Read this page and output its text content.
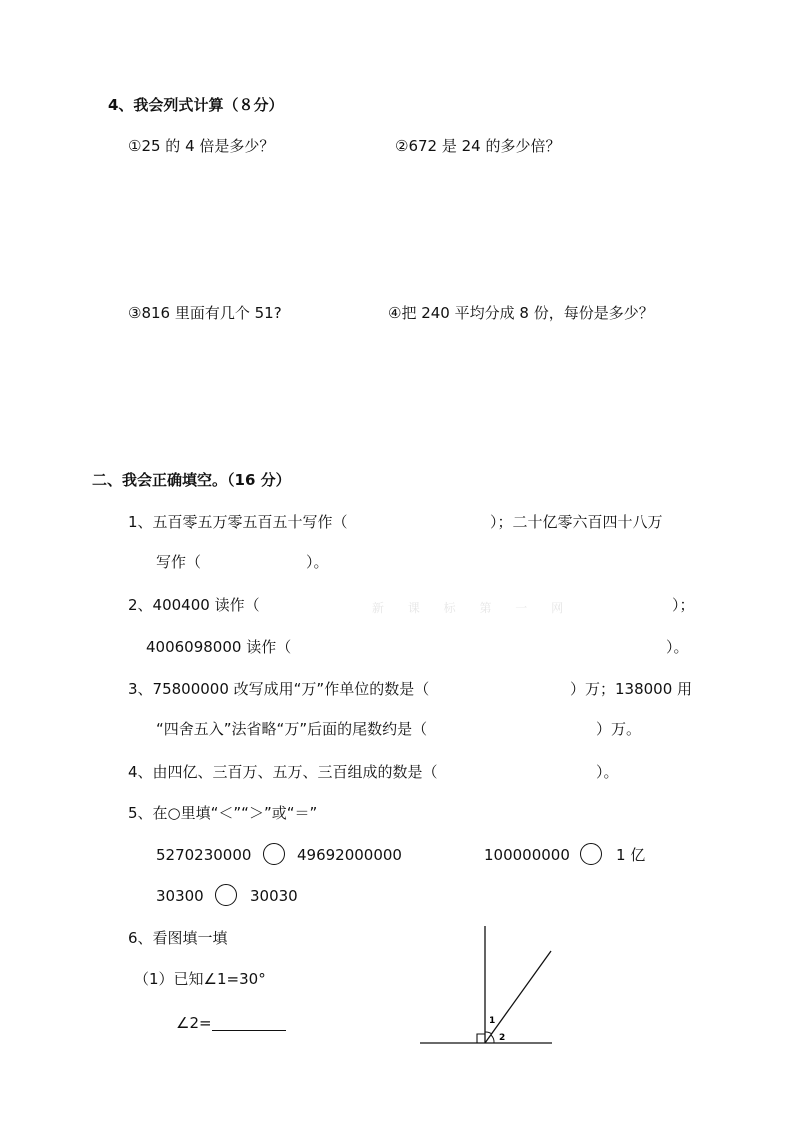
4、我会列式计算（８分）
①25 的 4 倍是多少？	②672 是 24 的多少倍？
③816 里面有几个 51?	④把 240 平均分成 8 份，每份是多少？
二、我会正确填空。（16 分）
1、五百零五万零五百五十写作（	）；二十亿零六百四十八万
写作（	）。
2、400400 读作（	新 课 标 第 一 网	）；
4006098000 读作（	）。
3、75800000 改写成用“万”作单位的数是（	）万；138000 用
“四舍五入”法省略“万”后面的尾数约是（	）万。
4、由四亿、三百万、五万、三百组成的数是（	）。
5、在○里填“＜”“＞”或“＝”
5270230000	49692000000	100000000	1 亿
30300	30030
6、看图填一填
（1）已知∠1=30°
∠2=	1
2
